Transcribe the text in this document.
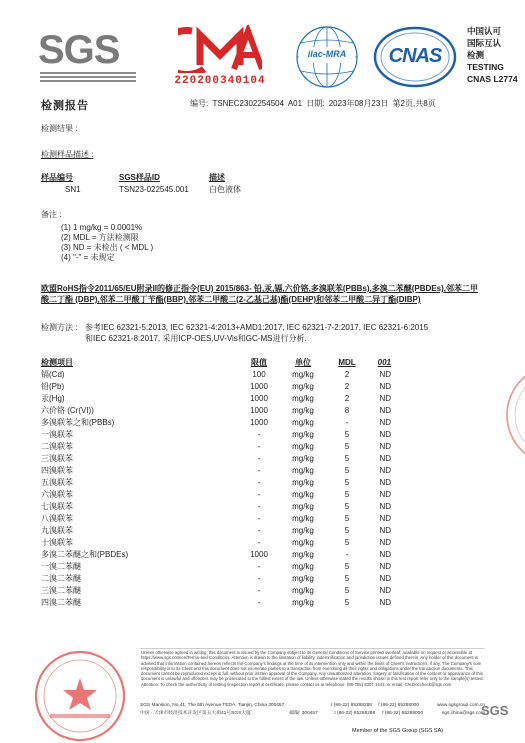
SGS
220200340104
ilac-MRA	CNAS
中国认可
国际互认
检测
TESTING
CNAS L2774
检测报告	编号: TSNEC2302254504 A01 日期: 2023年08月23日 第2页,共8页
检测结果 :
检测样品描述 :
样品编号	SGS样品ID	描述
SN1	TSN23-022545.001	白色液体
备注 :
(1) 1 mg/kg = 0.0001%
(2) MDL = 方法检测限
(3) ND = 未检出 ( < MDL )
(4) "-" = 未规定
欧盟RoHS指令2011/65/EU附录II的修正指令(EU) 2015/863- 铅,汞,镉,六价铬,多溴联苯(PBBs),多溴二苯醚(PBDEs),邻苯二甲酸二丁酯 (DBP),邻苯二甲酸丁苄酯(BBP),邻苯二甲酸二(2-乙基己基)酯(DEHP)和邻苯二甲酸二异丁酯(DIBP)
检测方法 : 参考IEC 62321-5:2013, IEC 62321-4:2013+AMD1:2017, IEC 62321-7-2:2017, IEC 62321-6:2015和IEC 62321-8:2017, 采用ICP-OES,UV-Vis和GC-MS进行分析.
检测项目	限值	单位	MDL	001
镉(Cd)	100	mg/kg	2	ND
铅(Pb)	1000	mg/kg	2	ND
汞(Hg)	1000	mg/kg	2	ND
六价铬 (Cr(VI))	1000	mg/kg	8	ND
多溴联苯之和(PBBs)	1000	mg/kg	-	ND
一溴联苯	-	mg/kg	5	ND
二溴联苯	-	mg/kg	5	ND
三溴联苯	-	mg/kg	5	ND
四溴联苯	-	mg/kg	5	ND
五溴联苯	-	mg/kg	5	ND
六溴联苯	-	mg/kg	5	ND
七溴联苯	-	mg/kg	5	ND
八溴联苯	-	mg/kg	5	ND
九溴联苯	-	mg/kg	5	ND
十溴联苯	-	mg/kg	5	ND
多溴二苯醚之和(PBDEs)	1000	mg/kg	-	ND
一溴二苯醚	-	mg/kg	5	ND
二溴二苯醚	-	mg/kg	5	ND
三溴二苯醚	-	mg/kg	5	ND
四溴二苯醚	-	mg/kg	5	ND
Unless otherwise agreed in writing, this document is issued by the Company subject to its General Conditions of Service printed overleaf, available on request or accessible at https://www.sgs.com/en/Terms-and-Conditions. Attention is drawn to the limitation of liability, indemnification and jurisdiction issues defined therein. Any holder of this document is advised that information contained hereon reflects the Company's findings at the time of its intervention only and within the limits of Client's instructions, if any. The Company's sole responsibility is to its Client and this document does not exonerate parties to a transaction from exercising all their rights and obligations under the transaction documents. This document cannot be reproduced except in full, without prior written approval of the Company. Any unauthorized alteration, forgery or falsification of the content or appearance of this document is unlawful and offenders may be prosecuted to the fullest extent of the law. Unless otherwise stated the results shown in this test report refer only to the sample(s) tested. Attention: To check the authenticity of testing /inspection report & certificate, please contact us at telephone: (86-755) 8307 1443, or email: CN.Doccheck@sgs.com
SGS Mansion, No.41, The 5th Avenue TEDA, Tianjin, China 300457	t (86-22) 65288288	f (86-22) 65288000	www.sgsgroup.com.cn
中国 · 天津市经济技术开发区第五大街41号SGS大厦	邮编: 300457	t (86-22) 65288288	f (86-22) 65288000	sgs.china@sgs.com
SGS
Member of the SGS Group (SGS SA)
